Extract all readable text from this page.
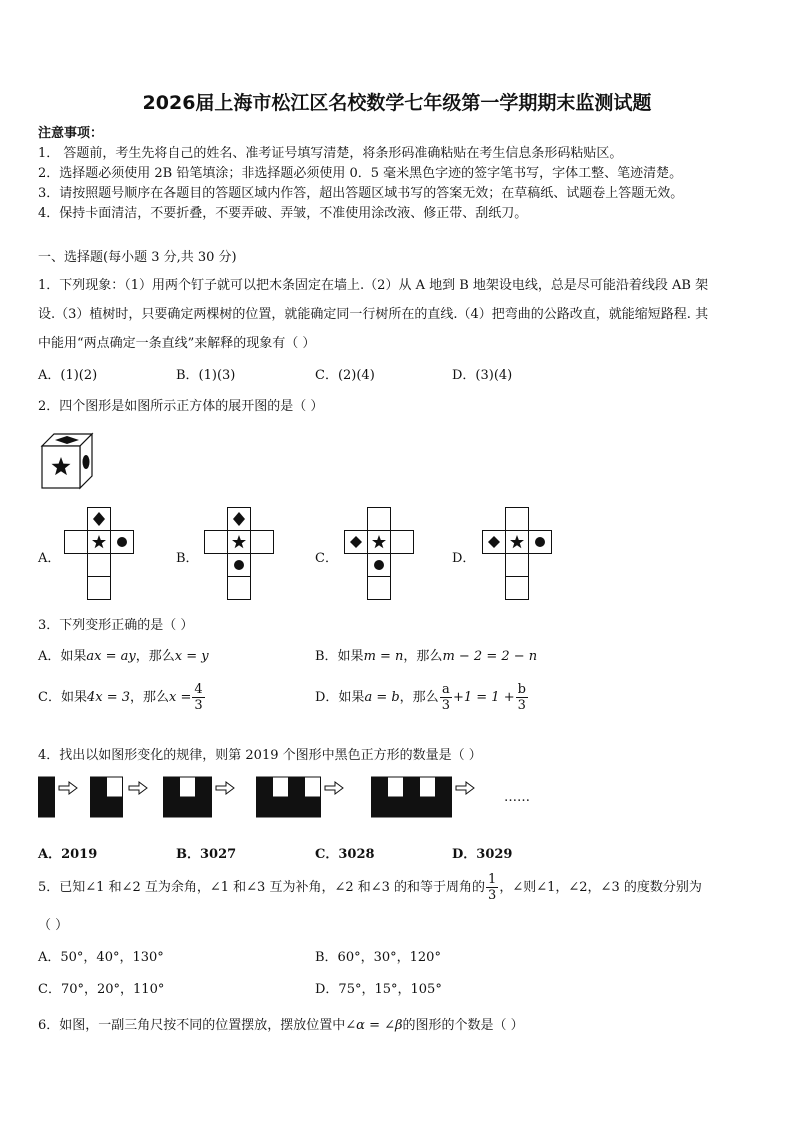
2026届上海市松江区名校数学七年级第一学期期末监测试题
注意事项：
1． 答题前，考生先将自己的姓名、准考证号填写清楚，将条形码准确粘贴在考生信息条形码粘贴区。
2．选择题必须使用 2B 铅笔填涂；非选择题必须使用 0．5 毫米黑色字迹的签字笔书写，字体工整、笔迹清楚。
3．请按照题号顺序在各题目的答题区域内作答，超出答题区域书写的答案无效；在草稿纸、试题卷上答题无效。
4．保持卡面清洁，不要折叠，不要弄破、弄皱，不准使用涂改液、修正带、刮纸刀。
一、选择题(每小题 3 分,共 30 分)
1．下列现象：（1）用两个钉子就可以把木条固定在墙上.（2）从 A 地到 B 地架设电线，总是尽可能沿着线段 AB 架
设.（3）植树时，只要确定两棵树的位置，就能确定同一行树所在的直线.（4）把弯曲的公路改直，就能缩短路程. 其
中能用“两点确定一条直线”来解释的现象有（ ）
A．(1)(2)	B．(1)(3)	C．(2)(4)	D．(3)(4)
2．四个图形是如图所示正方体的展开图的是（ ）
A．	B．	C．	D．
3．下列变形正确的是（ ）
A．如果ax = ay，那么x = y	B．如果m = n，那么m − 2 = 2 − n
C．如果4x = 3，那么$x = \frac{4}{3}$	D．如果a = b，那么 $\frac{a}{3} +1 = 1 + \frac{b}{3}$
4．找出以如图形变化的规律，则第 2019 个图形中黑色正方形的数量是（ ）
……
A．2019	B．3027	C．3028	D．3029
5．已知∠1 和∠2 互为余角，∠1 和∠3 互为补角，∠2 和∠3 的和等于周角的 $\frac{1}{3}$ ，∠则∠1，∠2，∠3 的度数分别为
（ ）
A．50°，40°，130°	B．60°，30°，120°
C．70°，20°，110°	D．75°，15°，105°
6．如图，一副三角尺按不同的位置摆放，摆放位置中∠α = ∠β的图形的个数是（ ）
